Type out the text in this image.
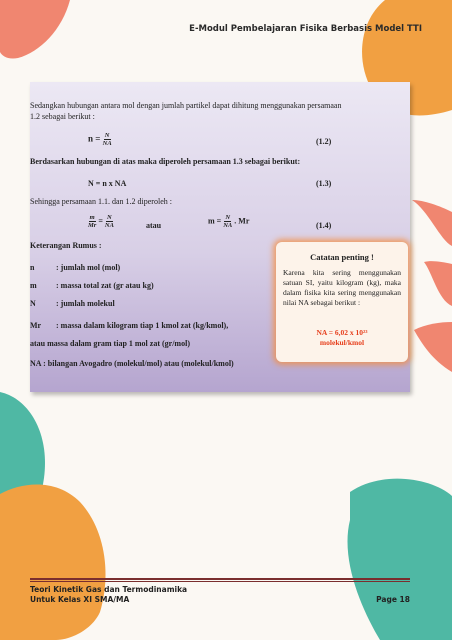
E-Modul Pembelajaran Fisika Berbasis Model TTI
Sedangkan hubungan antara mol dengan jumlah partikel dapat dihitung menggunakan persamaan
1.2 sebagai berikut :
$n = \frac{N}{NA}$	(1.2)
Berdasarkan hubungan di atas maka diperoleh persamaan 1.3 sebagai berikut:
N = n x NA	(1.3)
Sehingga persamaan 1.1. dan 1.2 diperoleh :
$\frac{m}{Mr} = \frac{N}{NA}$	atau
$m = \frac{N}{NA}$ . Mr
(1.4)
Keterangan Rumus :
n	: jumlah mol (mol)
m : massa total zat (gr atau kg)
N	: jumlah molekul
Mr : massa dalam kilogram tiap 1 kmol zat (kg/kmol),
atau massa dalam gram tiap 1 mol zat (gr/mol)
NA : bilangan Avogadro (molekul/mol) atau (molekul/kmol)
Catatan penting !
Karena kita sering menggunakan satuan SI, yaitu kilogram (kg), maka dalam fisika kita sering menggunakan nilai NA sebagai berikut :
NA = 6,02 x 10²³
molekul/kmol
Teori Kinetik Gas dan Termodinamika
Untuk Kelas XI SMA/MA	Page 18
